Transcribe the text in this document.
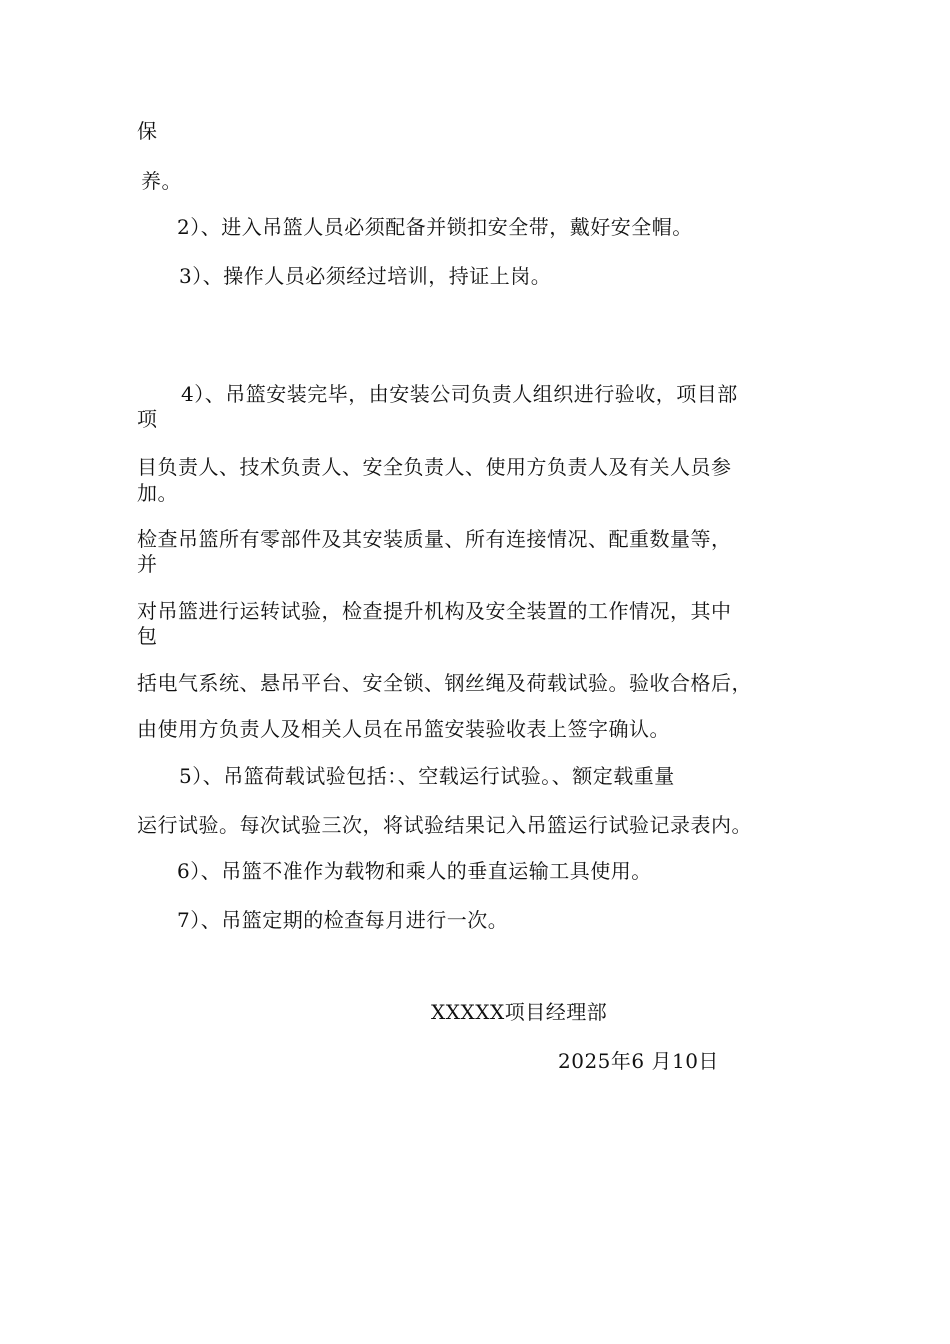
保
养。
2）、进入吊篮人员必须配备并锁扣安全带，戴好安全帽。
3）、操作人员必须经过培训，持证上岗。
4）、吊篮安装完毕，由安装公司负责人组织进行验收，项目部
项
目负责人、技术负责人、安全负责人、使用方负责人及有关人员参
加。
检查吊篮所有零部件及其安装质量、所有连接情况、配重数量等，
并
对吊篮进行运转试验，检查提升机构及安全装置的工作情况，其中
包
括电气系统、悬吊平台、安全锁、钢丝绳及荷载试验。验收合格后，
由使用方负责人及相关人员在吊篮安装验收表上签字确认。
5）、吊篮荷载试验包括：、空载运行试验。、额定载重量
运行试验。每次试验三次，将试验结果记入吊篮运行试验记录表内。
6）、吊篮不准作为载物和乘人的垂直运输工具使用。
7）、吊篮定期的检查每月进行一次。
XXXXX项目经理部
2025年6 月10日
